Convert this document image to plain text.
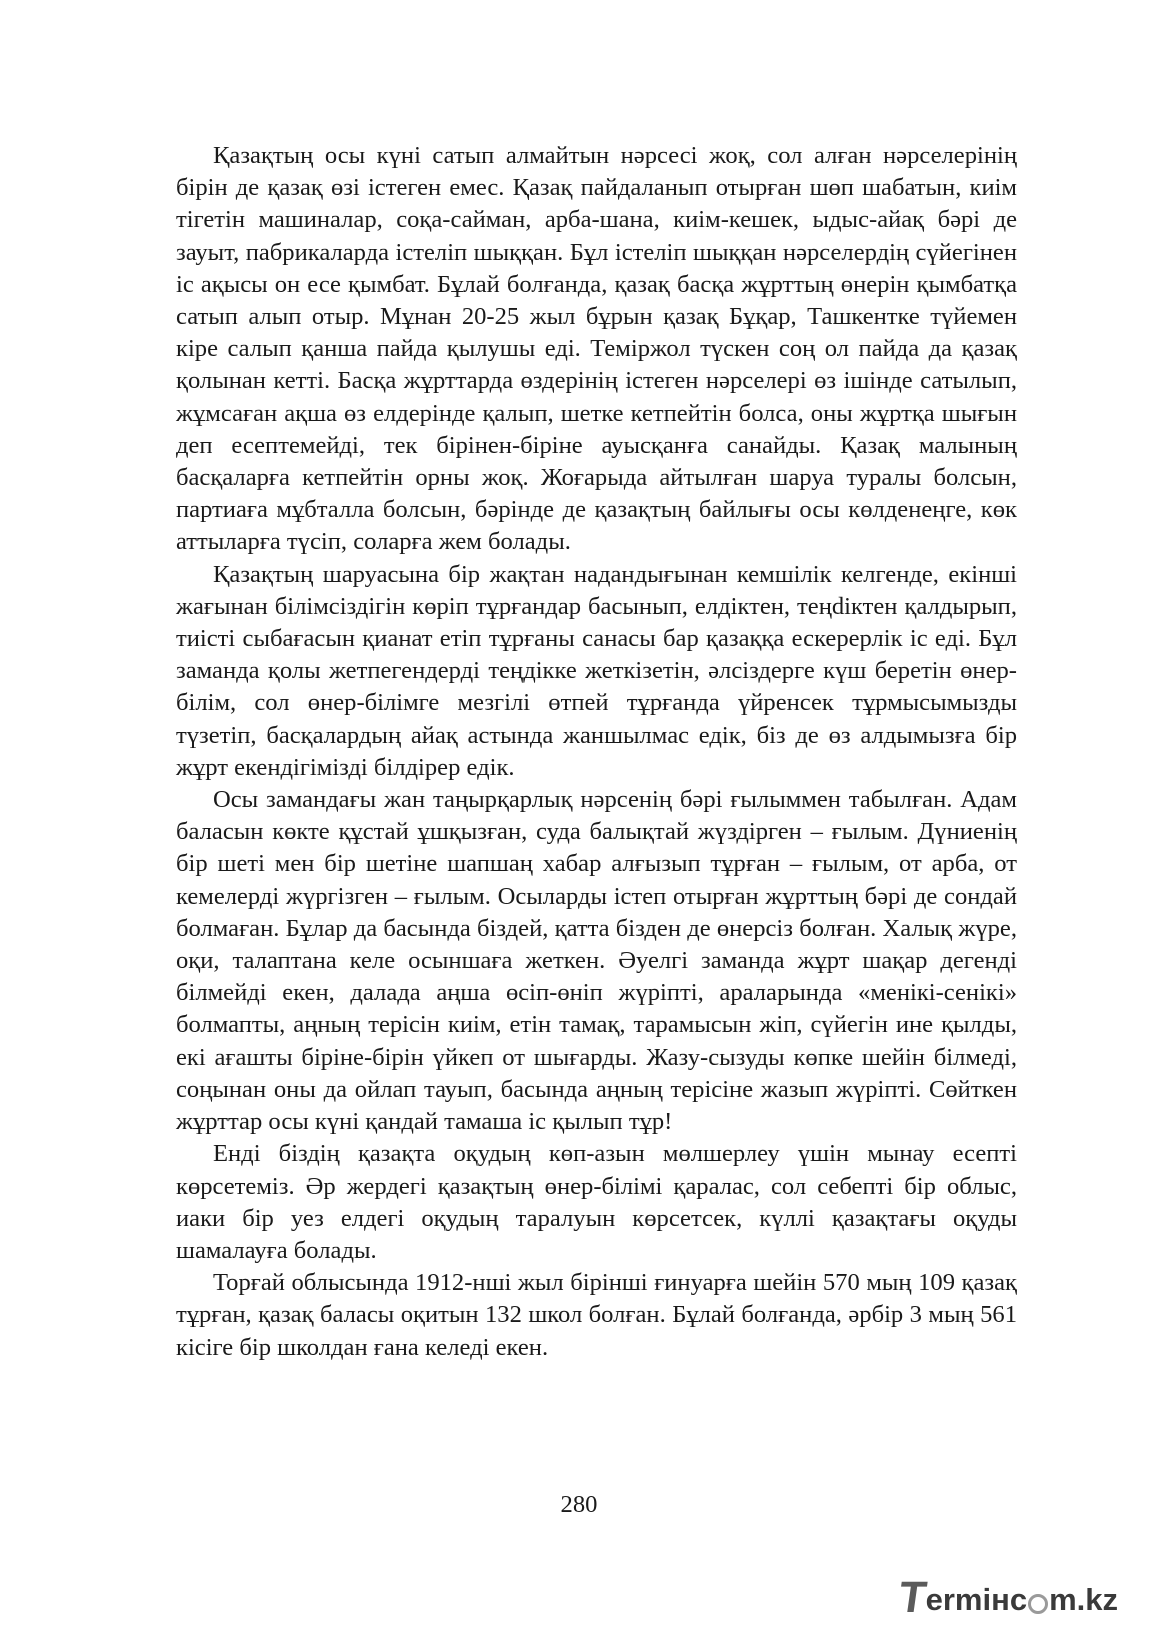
Қазақтың осы күні сатып алмайтын нәрсесі жоқ, сол алған нәрселерінің бірін де қазақ өзі істеген емес. Қазақ пайдаланып отырған шөп шабатын, киім тігетін машиналар, соқа-сайман, арба-шана, киім-кешек, ыдыс-айақ бәрі де зауыт, пабрикаларда істеліп шыққан. Бұл істеліп шыққан нәрселердің сүйегінен іс ақысы он есе қымбат. Бұлай болғанда, қазақ басқа жұрттың өнерін қымбатқа сатып алып отыр. Мұнан 20-25 жыл бұрын қазақ Бұқар, Ташкентке түйемен кіре салып қанша пайда қылушы еді. Теміржол түскен соң ол пайда да қазақ қолынан кетті. Басқа жұрттарда өздерінің істеген нәрселері өз ішінде сатылып, жұмсаған ақша өз елдерінде қалып, шетке кетпейтін болса, оны жұртқа шығын деп есептемейді, тек бірінен-біріне ауысқанға санайды. Қазақ малының басқаларға кетпейтін орны жоқ. Жоғарыда айтылған шаруа туралы болсын, партиаға мұбталла болсын, бәрінде де қазақтың байлығы осы көлденеңге, көк аттыларға түсіп, соларға жем болады.

Қазақтың шаруасына бір жақтан надандығынан кемшілік келгенде, екінші жағынан білімсіздігін көріп тұрғандар басынып, елдіктен, теңdіктен қалдырып, тиісті сыбағасын қианат етіп тұрғаны санасы бар қазаққа ескерерлік іс еді. Бұл заманда қолы жетпегендерді теңдікке жеткізетін, әлсіздерге күш беретін өнер-білім, сол өнер-білімге мезгілі өтпей тұрғанда үйренсек тұрмысымызды түзетіп, басқалардың айақ астында жаншылмас едік, біз де өз алдымызға бір жұрт екендігімізді білдірер едік.

Осы замандағы жан таңырқарлық нәрсенің бәрі ғылыммен табылған. Адам баласын көкте құстай ұшқызған, суда балықтай жүздірген – ғылым. Дүниенің бір шеті мен бір шетіне шапшаң хабар алғызып тұрған – ғылым, от арба, от кемелерді жүргізген – ғылым. Осыларды істеп отырған жұрттың бәрі де сондай болмаған. Бұлар да басында біздей, қатта бізден де өнерсіз болған. Халық жүре, оқи, талаптана келе осыншаға жеткен. Әуелгі заманда жұрт шақар дегенді білмейді екен, далада аңша өсіп-өніп жүріпті, араларында «менікі-сенікі» болмапты, аңның терісін киім, етін тамақ, тарамысын жіп, сүйегін ине қылды, екі ағашты біріне-бірін үйкеп от шығарды. Жазу-сызуды көпке шейін білмеді, соңынан оны да ойлап тауып, басында аңның терісіне жазып жүріпті. Сөйткен жұрттар осы күні қандай тамаша іс қылып тұр!

Енді біздің қазақта оқудың көп-азын мөлшерлеу үшін мынау есепті көрсетеміз. Әр жердегі қазақтың өнер-білімі қаралас, сол себепті бір облыс, иаки бір уез елдегі оқудың таралуын көрсетсек, күллі қазақтағы оқуды шамалауға болады.

Торғай облысында 1912-нші жыл бірінші ғинуарға шейін 570 мың 109 қазақ тұрған, қазақ баласы оқитын 132 школ болған. Бұлай болғанда, әрбір 3 мың 561 кісіге бір школдан ғана келеді екен.

280
T
ermінc m.kz
